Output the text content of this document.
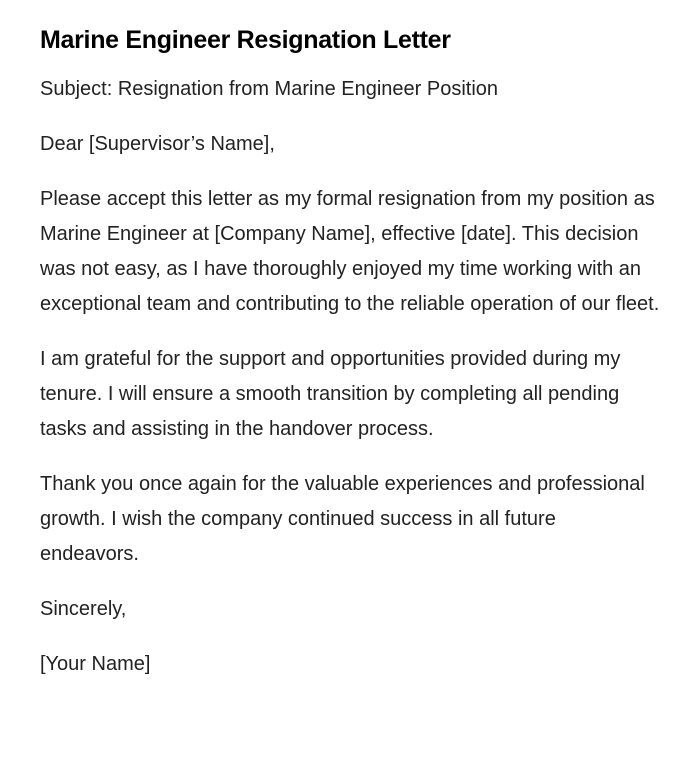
Marine Engineer Resignation Letter

Subject: Resignation from Marine Engineer Position

Dear [Supervisor’s Name],

Please accept this letter as my formal resignation from my position as Marine Engineer at [Company Name], effective [date]. This decision was not easy, as I have thoroughly enjoyed my time working with an exceptional team and contributing to the reliable operation of our fleet.

I am grateful for the support and opportunities provided during my tenure. I will ensure a smooth transition by completing all pending tasks and assisting in the handover process.

Thank you once again for the valuable experiences and professional growth. I wish the company continued success in all future endeavors.

Sincerely,

[Your Name]
